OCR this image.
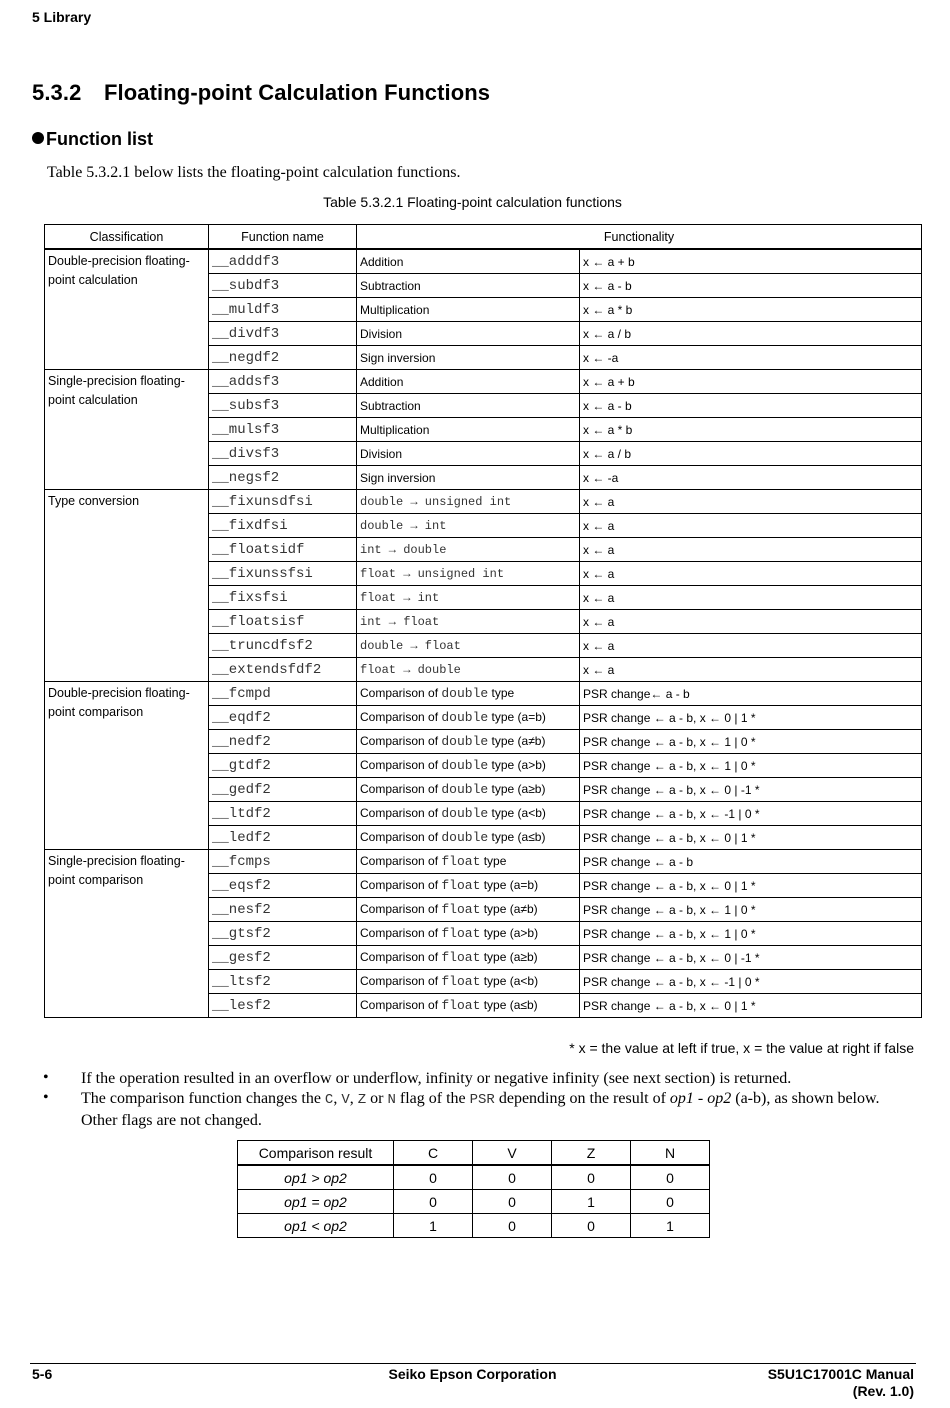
5 Library
5.3.2 Floating-point Calculation Functions
Function list
Table 5.3.2.1 below lists the floating-point calculation functions.
Table 5.3.2.1 Floating-point calculation functions
Classification	Function name	Functionality	
Double-precision floating-point calculation	__adddf3	Addition	x ← a + b
	__subdf3	Subtraction	x ← a - b
	__muldf3	Multiplication	x ← a * b
	__divdf3	Division	x ← a / b
	__negdf2	Sign inversion	x ← -a
Single-precision floating-point calculation	__addsf3	Addition	x ← a + b
	__subsf3	Subtraction	x ← a - b
	__mulsf3	Multiplication	x ← a * b
	__divsf3	Division	x ← a / b
	__negsf2	Sign inversion	x ← -a
Type conversion	__fixunsdfsi	double → unsigned int	x ← a
	__fixdfsi	double → int	x ← a
	__floatsidf	int → double	x ← a
	__fixunssfsi	float → unsigned int	x ← a
	__fixsfsi	float → int	x ← a
	__floatsisf	int → float	x ← a
	__truncdfsf2	double → float	x ← a
	__extendsfdf2	float → double	x ← a
Double-precision floating-point comparison	__fcmpd	Comparison of double type	PSR change← a - b
	__eqdf2	Comparison of double type (a=b)	PSR change ← a - b, x ← 0 | 1 *
	__nedf2	Comparison of double type (a≠b)	PSR change ← a - b, x ← 1 | 0 *
	__gtdf2	Comparison of double type (a>b)	PSR change ← a - b, x ← 1 | 0 *
	__gedf2	Comparison of double type (a≥b)	PSR change ← a - b, x ← 0 | -1 *
	__ltdf2	Comparison of double type (a<b)	PSR change ← a - b, x ← -1 | 0 *
	__ledf2	Comparison of double type (a≤b)	PSR change ← a - b, x ← 0 | 1 *
Single-precision floating-point comparison	__fcmps	Comparison of float type	PSR change ← a - b
	__eqsf2	Comparison of float type (a=b)	PSR change ← a - b, x ← 0 | 1 *
	__nesf2	Comparison of float type (a≠b)	PSR change ← a - b, x ← 1 | 0 *
	__gtsf2	Comparison of float type (a>b)	PSR change ← a - b, x ← 1 | 0 *
	__gesf2	Comparison of float type (a≥b)	PSR change ← a - b, x ← 0 | -1 *
	__ltsf2	Comparison of float type (a<b)	PSR change ← a - b, x ← -1 | 0 *
	__lesf2	Comparison of float type (a≤b)	PSR change ← a - b, x ← 0 | 1 *
* x = the value at left if true, x = the value at right if false
• If the operation resulted in an overflow or underflow, infinity or negative infinity (see next section) is returned.
• The comparison function changes the C, V, Z or N flag of the PSR depending on the result of op1 - op2 (a-b), as shown below. Other flags are not changed.
Comparison result	C	V	Z	N
op1 > op2	0	0	0	0
op1 = op2	0	0	1	0
op1 < op2	1	0	0	1
5-6	Seiko Epson Corporation	S5U1C17001C Manual
(Rev. 1.0)
